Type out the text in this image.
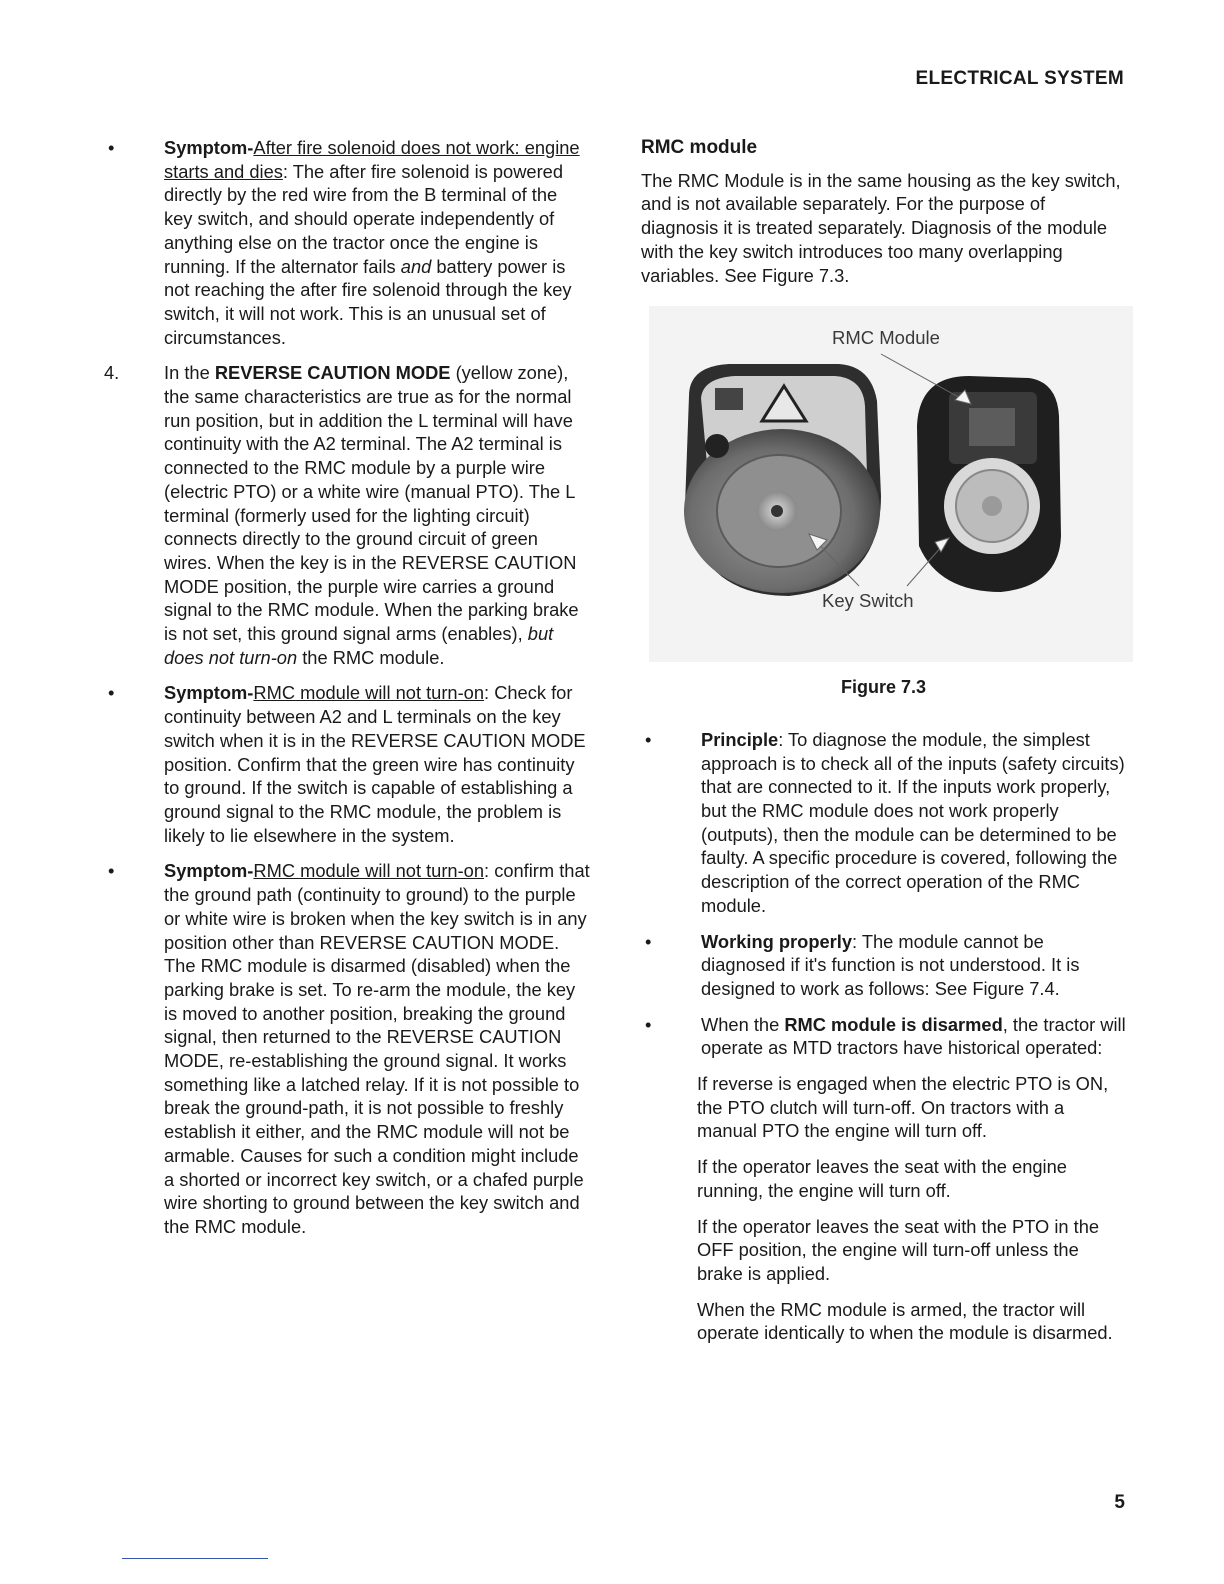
ELECTRICAL SYSTEM
•	Symptom-After fire solenoid does not work: engine starts and dies: The after fire solenoid is powered directly by the red wire from the B terminal of the key switch, and should operate independently of anything else on the tractor once the engine is running. If the alternator fails and battery power is not reaching the after fire solenoid through the key switch, it will not work. This is an unusual set of circumstances.
4. In the REVERSE CAUTION MODE (yellow zone), the same characteristics are true as for the normal run position, but in addition the L terminal will have continuity with the A2 terminal. The A2 terminal is connected to the RMC module by a purple wire (electric PTO) or a white wire (manual PTO). The L terminal (formerly used for the lighting circuit) connects directly to the ground circuit of green wires. When the key is in the REVERSE CAUTION MODE position, the purple wire carries a ground signal to the RMC module. When the parking brake is not set, this ground signal arms (enables), but does not turn-on the RMC module.
•	Symptom-RMC module will not turn-on: Check for continuity between A2 and L terminals on the key switch when it is in the REVERSE CAUTION MODE position. Confirm that the green wire has continuity to ground. If the switch is capable of establishing a ground signal to the RMC module, the problem is likely to lie elsewhere in the system.
•	Symptom-RMC module will not turn-on: confirm that the ground path (continuity to ground) to the purple or white wire is broken when the key switch is in any position other than REVERSE CAUTION MODE. The RMC module is disarmed (disabled) when the parking brake is set. To re-arm the module, the key is moved to another position, breaking the ground signal, then returned to the REVERSE CAUTION MODE, re-establishing the ground signal. It works something like a latched relay. If it is not possible to break the ground-path, it is not possible to freshly establish it either, and the RMC module will not be armable. Causes for such a condition might include a shorted or incorrect key switch, or a chafed purple wire shorting to ground between the key switch and the RMC module.
RMC module

The RMC Module is in the same housing as the key switch, and is not available separately. For the purpose of diagnosis it is treated separately. Diagnosis of the module with the key switch introduces too many overlapping variables. See Figure 7.3.

RMC Module
Key Switch
Figure 7.3
•	Principle: To diagnose the module, the simplest approach is to check all of the inputs (safety circuits) that are connected to it. If the inputs work properly, but the RMC module does not work properly (outputs), then the module can be determined to be faulty. A specific procedure is covered, following the description of the correct operation of the RMC module.
•	Working properly: The module cannot be diagnosed if it's function is not understood. It is designed to work as follows: See Figure 7.4.
•	When the RMC module is disarmed, the tractor will operate as MTD tractors have historical operated:

If reverse is engaged when the electric PTO is ON, the PTO clutch will turn-off. On tractors with a manual PTO the engine will turn off.

If the operator leaves the seat with the engine running, the engine will turn off.

If the operator leaves the seat with the PTO in the OFF position, the engine will turn-off unless the brake is applied.

When the RMC module is armed, the tractor will operate identically to when the module is disarmed.

5
